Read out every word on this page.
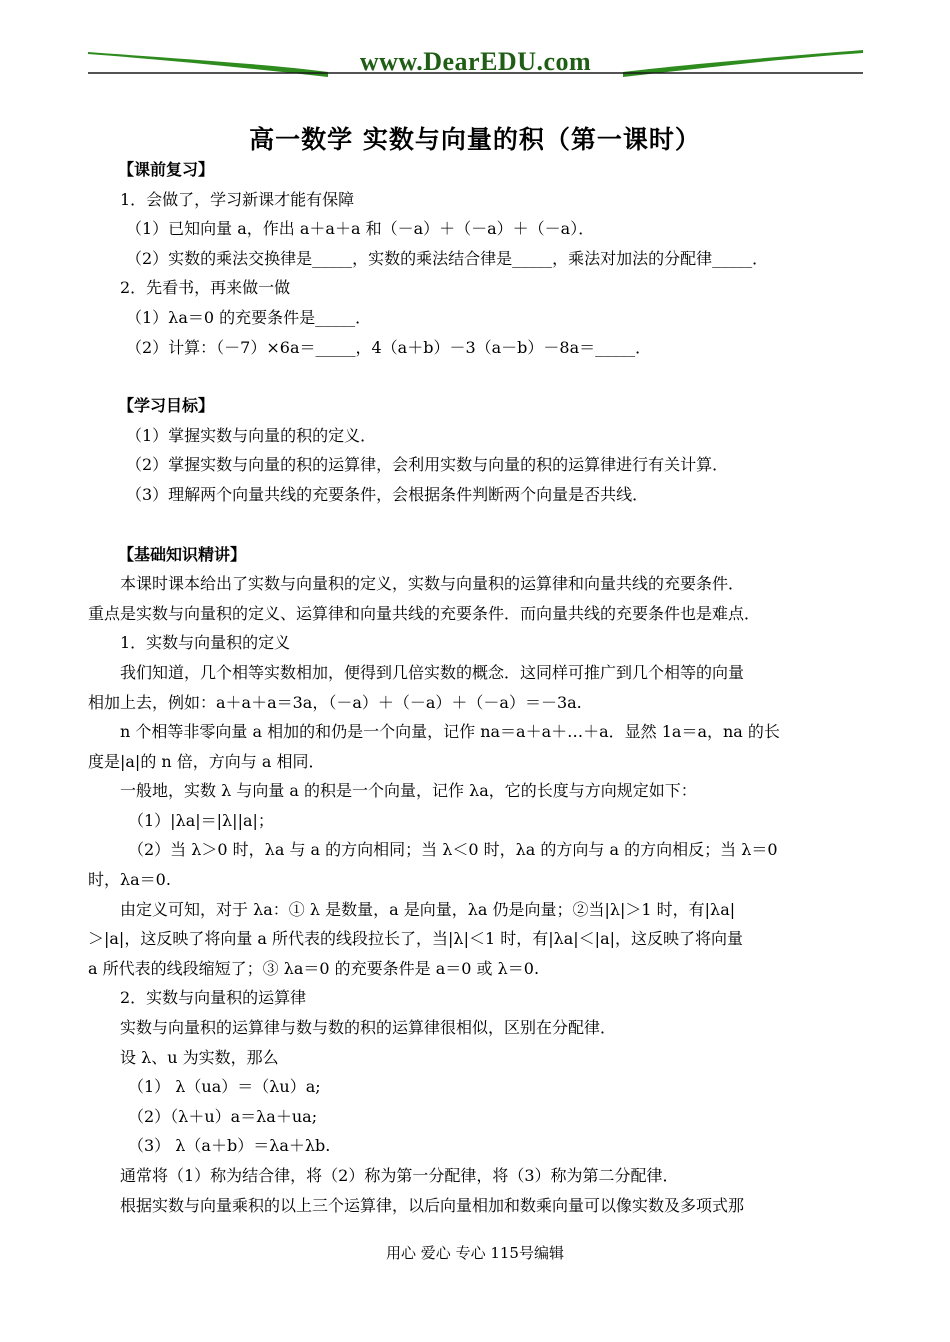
www.DearEDU.com
高一数学 实数与向量的积（第一课时）
【课前复习】
1．会做了，学习新课才能有保障
（1）已知向量 a，作出 a＋a＋a 和（－a）＋（－a）＋（－a）．
（2）实数的乘法交换律是_____，实数的乘法结合律是_____，乘法对加法的分配律_____．
2．先看书，再来做一做
（1）λa＝0 的充要条件是_____．
（2）计算：（－7）×6a＝_____，4（a＋b）－3（a－b）－8a＝_____．
【学习目标】
（1）掌握实数与向量的积的定义．
（2）掌握实数与向量的积的运算律，会利用实数与向量的积的运算律进行有关计算．
（3）理解两个向量共线的充要条件，会根据条件判断两个向量是否共线．
【基础知识精讲】
本课时课本给出了实数与向量积的定义，实数与向量积的运算律和向量共线的充要条件．
重点是实数与向量积的定义、运算律和向量共线的充要条件．而向量共线的充要条件也是难点．
1．实数与向量积的定义
我们知道，几个相等实数相加，便得到几倍实数的概念．这同样可推广到几个相等的向量
相加上去，例如：a＋a＋a＝3a，（－a）＋（－a）＋（－a）＝－3a.
n 个相等非零向量 a 相加的和仍是一个向量，记作 na＝a＋a＋…＋a．显然 1a＝a，na 的长
度是|a|的 n 倍，方向与 a 相同．
一般地，实数 λ 与向量 a 的积是一个向量，记作 λa，它的长度与方向规定如下：
（1）|λa|＝|λ||a|；
（2）当 λ＞0 时，λa 与 a 的方向相同；当 λ＜0 时，λa 的方向与 a 的方向相反；当 λ＝0
时，λa＝0.
由定义可知，对于 λa：① λ 是数量，a 是向量，λa 仍是向量；②当|λ|＞1 时，有|λa|
＞|a|，这反映了将向量 a 所代表的线段拉长了，当|λ|＜1 时，有|λa|＜|a|，这反映了将向量
a 所代表的线段缩短了；③ λa＝0 的充要条件是 a＝0 或 λ＝0.
2．实数与向量积的运算律
实数与向量积的运算律与数与数的积的运算律很相似，区别在分配律．
设 λ、u 为实数，那么
（1） λ（ua）＝（λu）a;
（2）（λ＋u）a＝λa＋ua;
（3） λ（a＋b）＝λa＋λb.
通常将（1）称为结合律，将（2）称为第一分配律，将（3）称为第二分配律．
根据实数与向量乘积的以上三个运算律，以后向量相加和数乘向量可以像实数及多项式那
用心 爱心 专心 115号编辑
